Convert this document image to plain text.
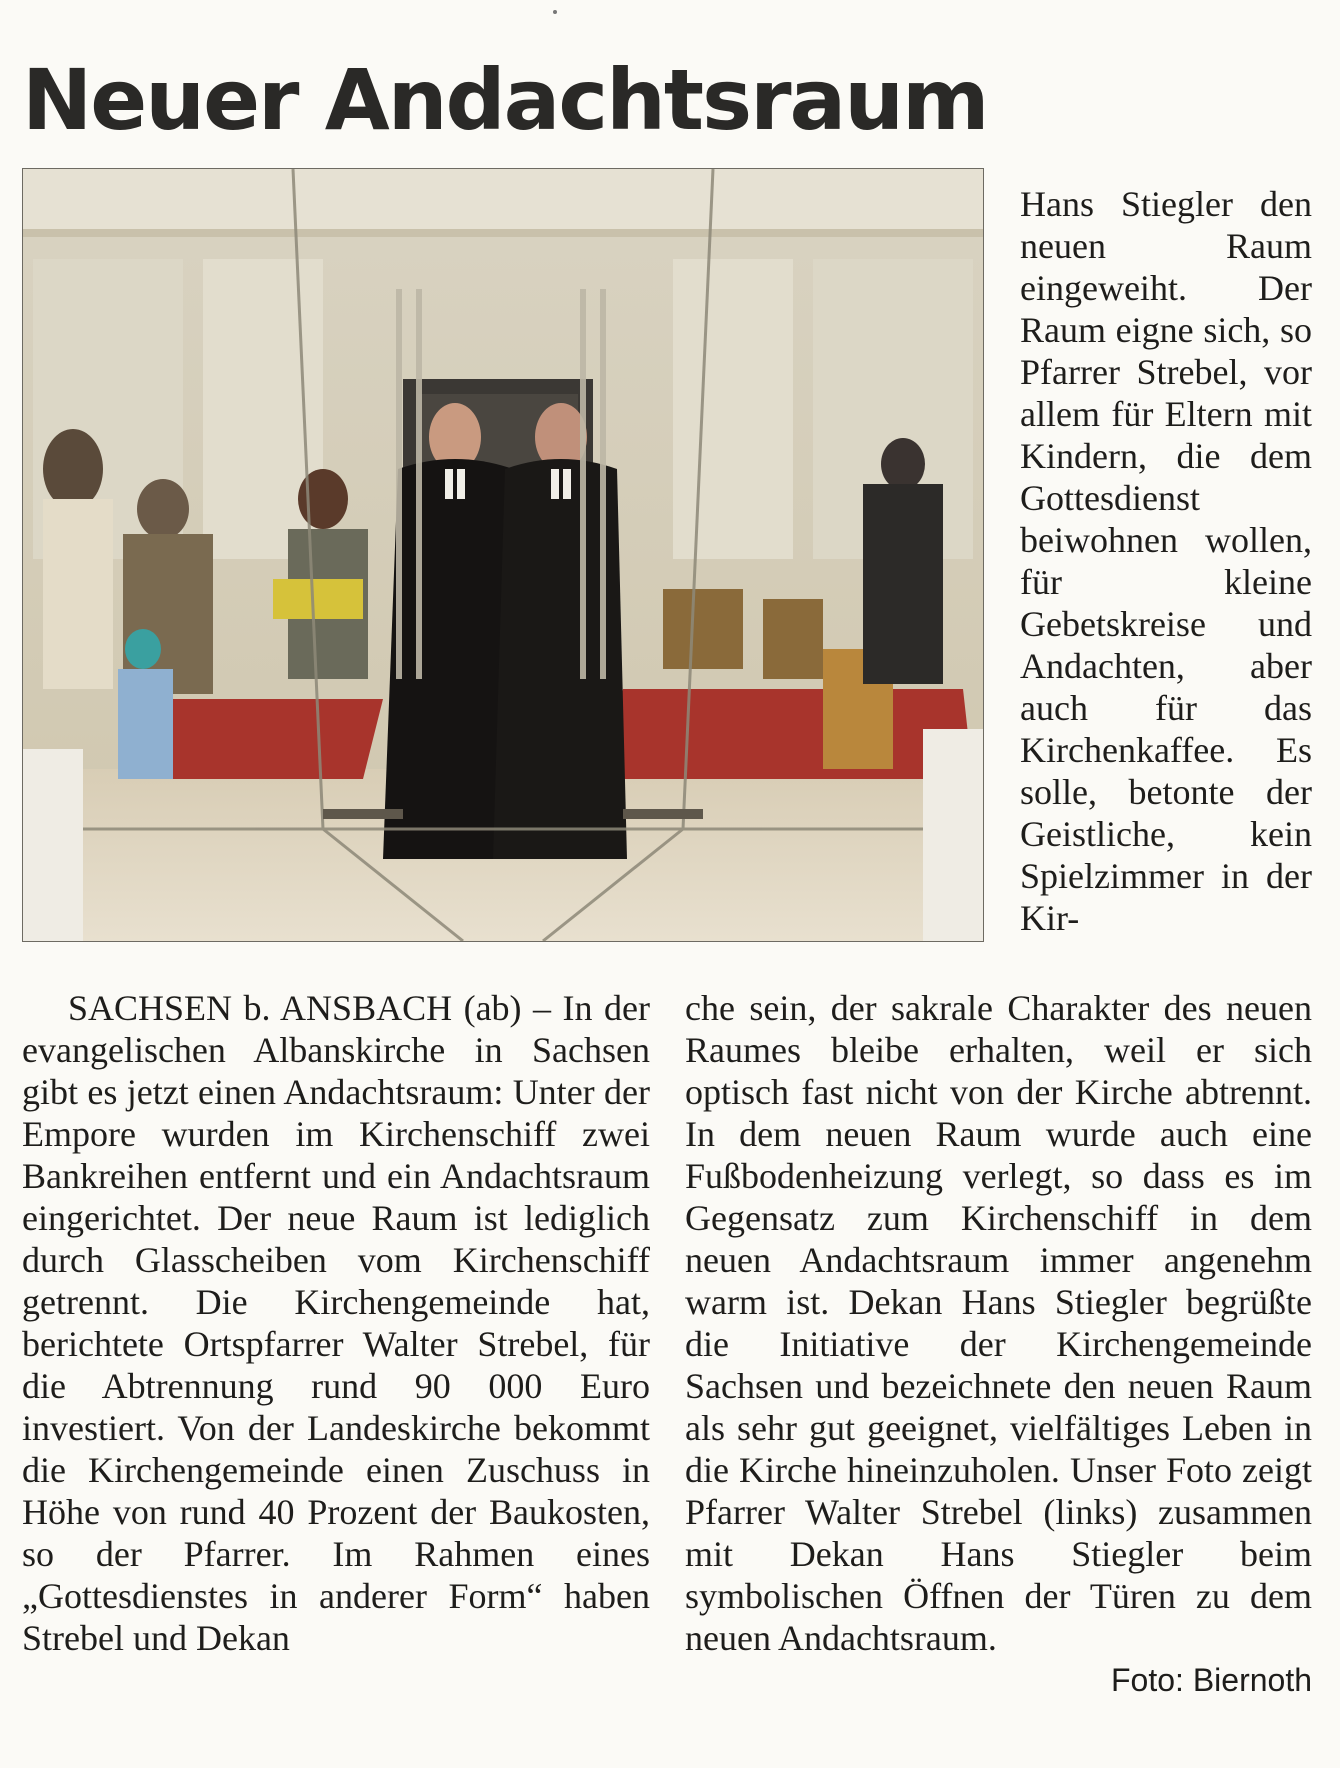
Neuer Andachtsraum

Hans Stiegler den neuen Raum eingeweiht. Der Raum eigne sich, so Pfarrer Strebel, vor allem für Eltern mit Kindern, die dem Gottesdienst beiwohnen wollen, für kleine Gebetskreise und Andachten, aber auch für das Kirchenkaffee. Es solle, betonte der Geistliche, kein Spielzimmer in der Kir-

SACHSEN b. ANSBACH (ab) – In der evangelischen Albanskirche in Sachsen gibt es jetzt einen Andachtsraum: Unter der Empore wurden im Kirchenschiff zwei Bankreihen entfernt und ein Andachtsraum eingerichtet. Der neue Raum ist lediglich durch Glasscheiben vom Kirchenschiff getrennt. Die Kirchengemeinde hat, berichtete Ortspfarrer Walter Strebel, für die Abtrennung rund 90 000 Euro investiert. Von der Landeskirche bekommt die Kirchengemeinde einen Zuschuss in Höhe von rund 40 Prozent der Baukosten, so der Pfarrer. Im Rahmen eines „Gottesdienstes in anderer Form“ haben Strebel und Dekan

che sein, der sakrale Charakter des neuen Raumes bleibe erhalten, weil er sich optisch fast nicht von der Kirche abtrennt. In dem neuen Raum wurde auch eine Fußbodenheizung verlegt, so dass es im Gegensatz zum Kirchenschiff in dem neuen Andachtsraum immer angenehm warm ist. Dekan Hans Stiegler begrüßte die Initiative der Kirchengemeinde Sachsen und bezeichnete den neuen Raum als sehr gut geeignet, vielfältiges Leben in die Kirche hineinzuholen. Unser Foto zeigt Pfarrer Walter Strebel (links) zusammen mit Dekan Hans Stiegler beim symbolischen Öffnen der Türen zu dem neuen Andachtsraum.

Foto: Biernoth
